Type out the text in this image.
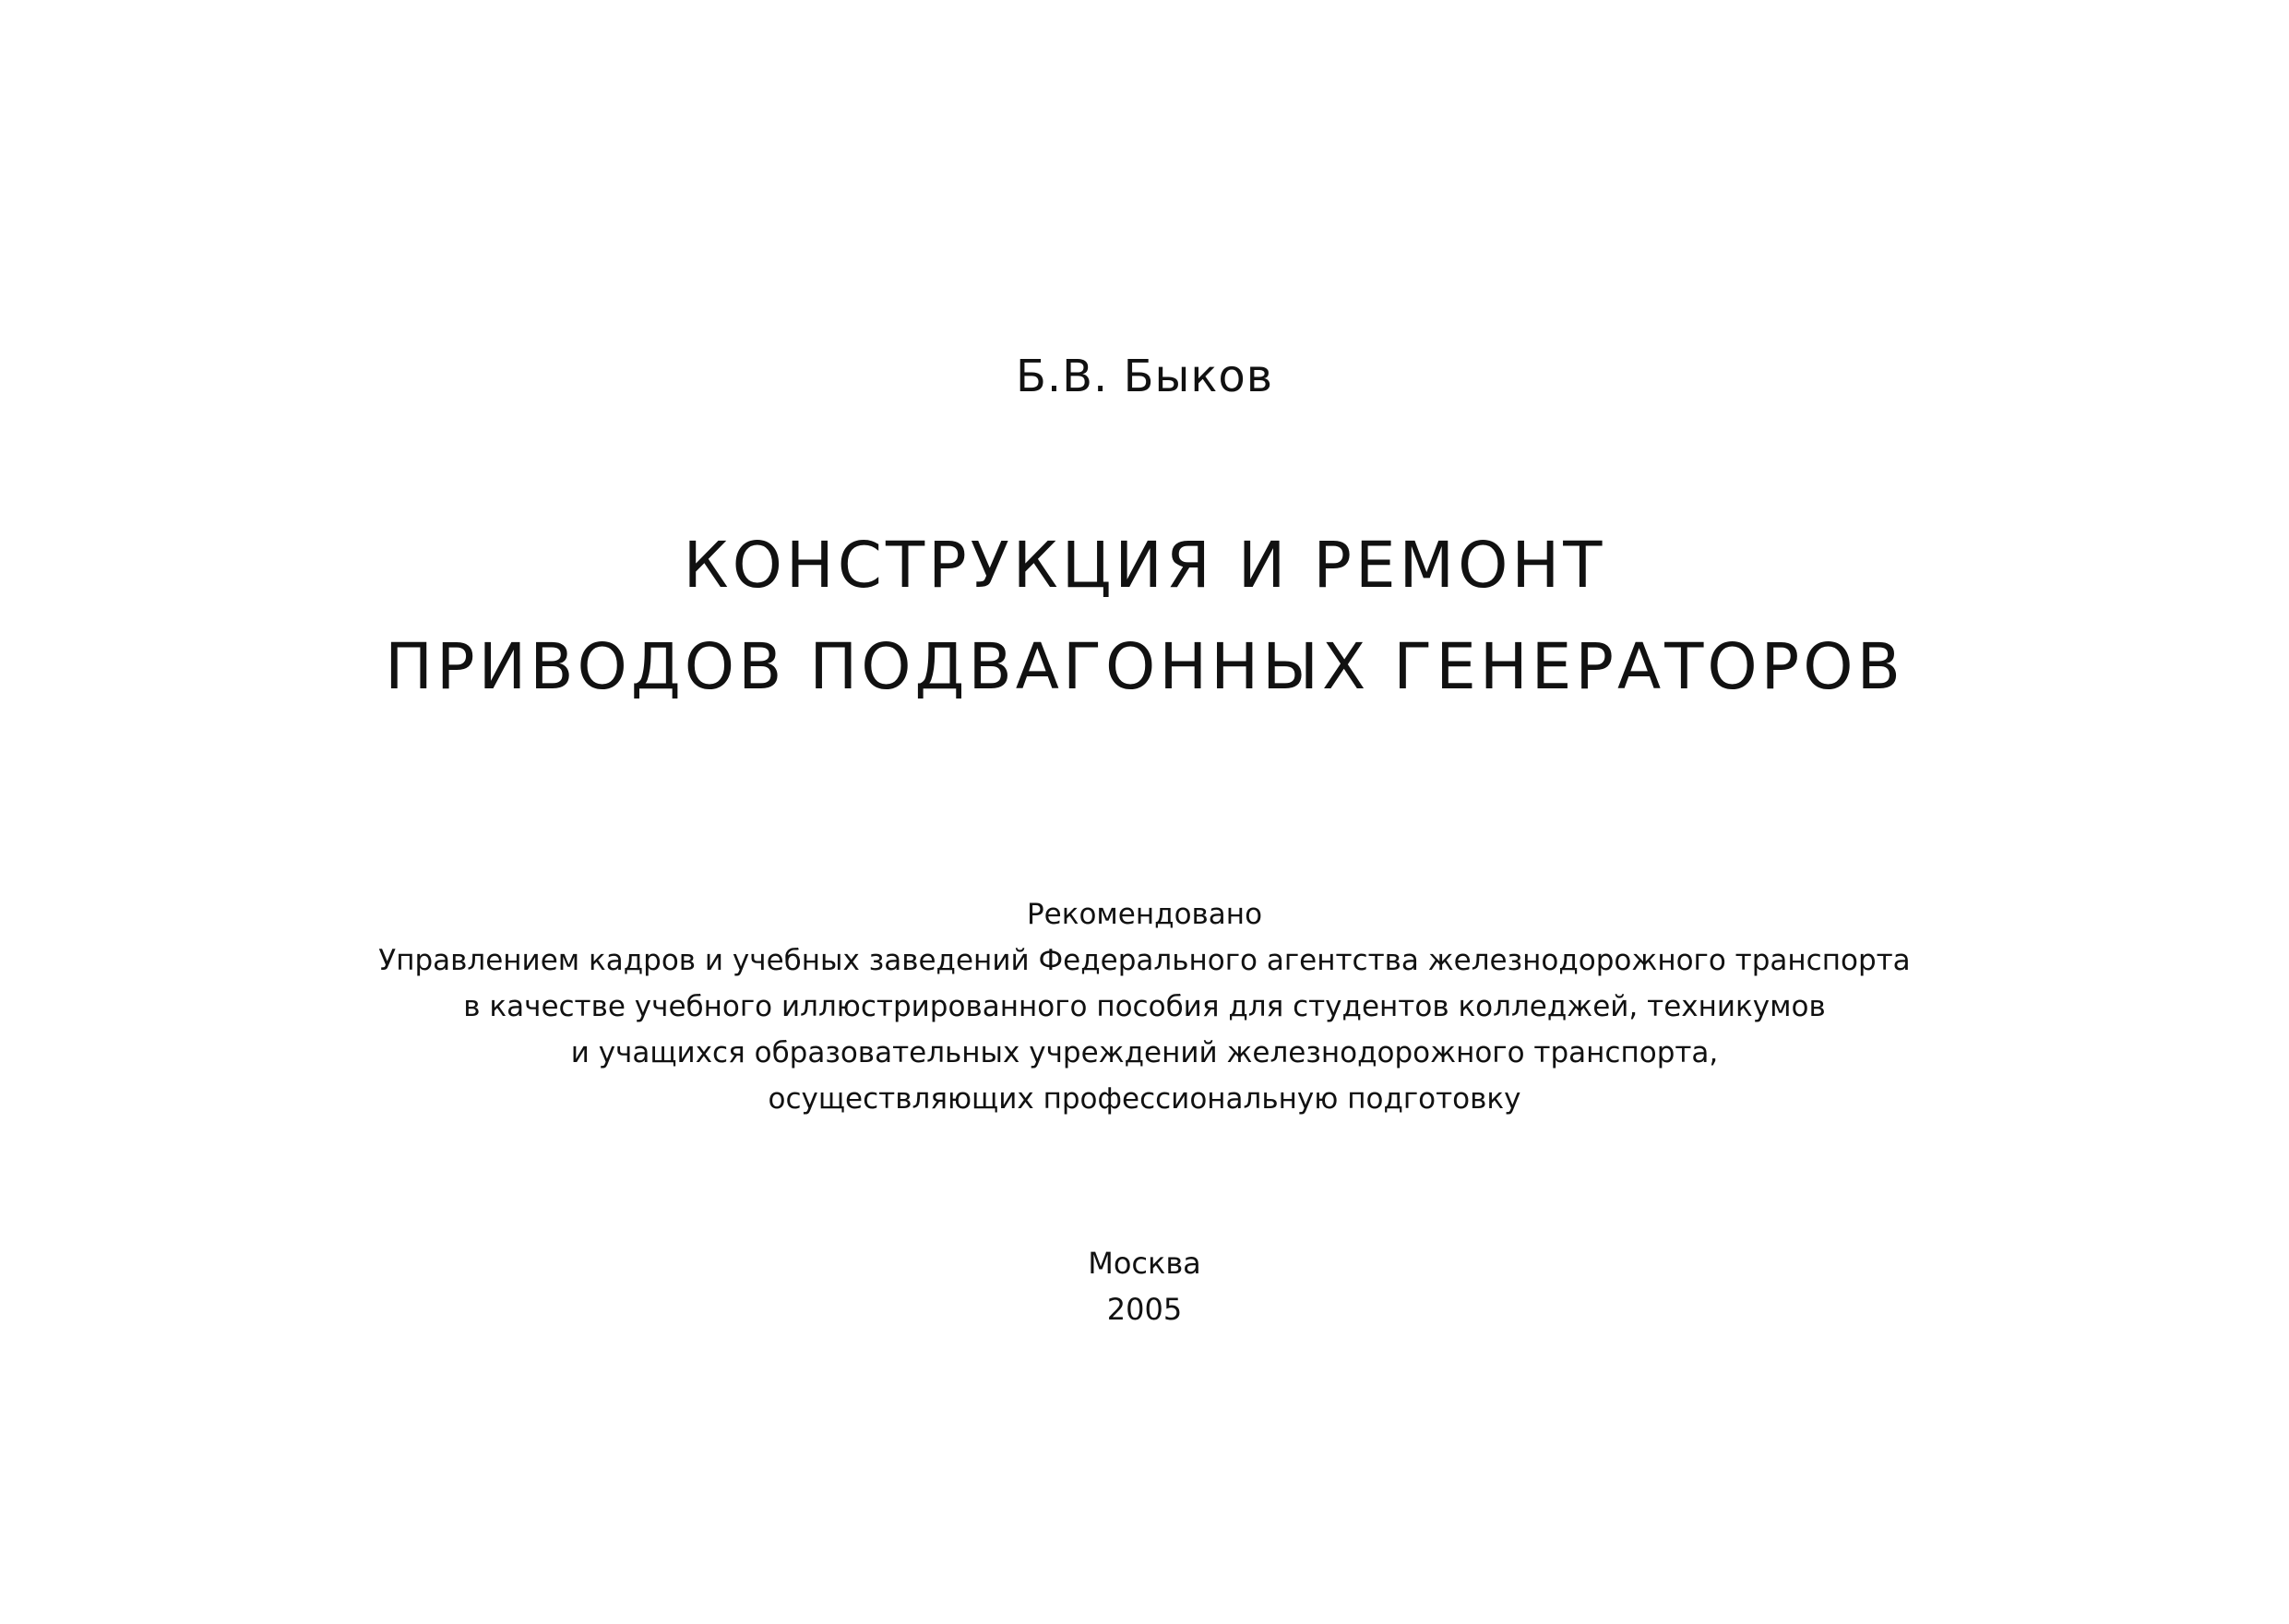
Б.В. Быков
КОНСТРУКЦИЯ И РЕМОНТ
ПРИВОДОВ ПОДВАГОННЫХ ГЕНЕРАТОРОВ
Рекомендовано
Управлением кадров и учебных заведений Федерального агентства железнодорожного транспорта
в качестве учебного иллюстрированного пособия для студентов колледжей, техникумов
и учащихся образовательных учреждений железнодорожного транспорта,
осуществляющих профессиональную подготовку
Москва
2005
